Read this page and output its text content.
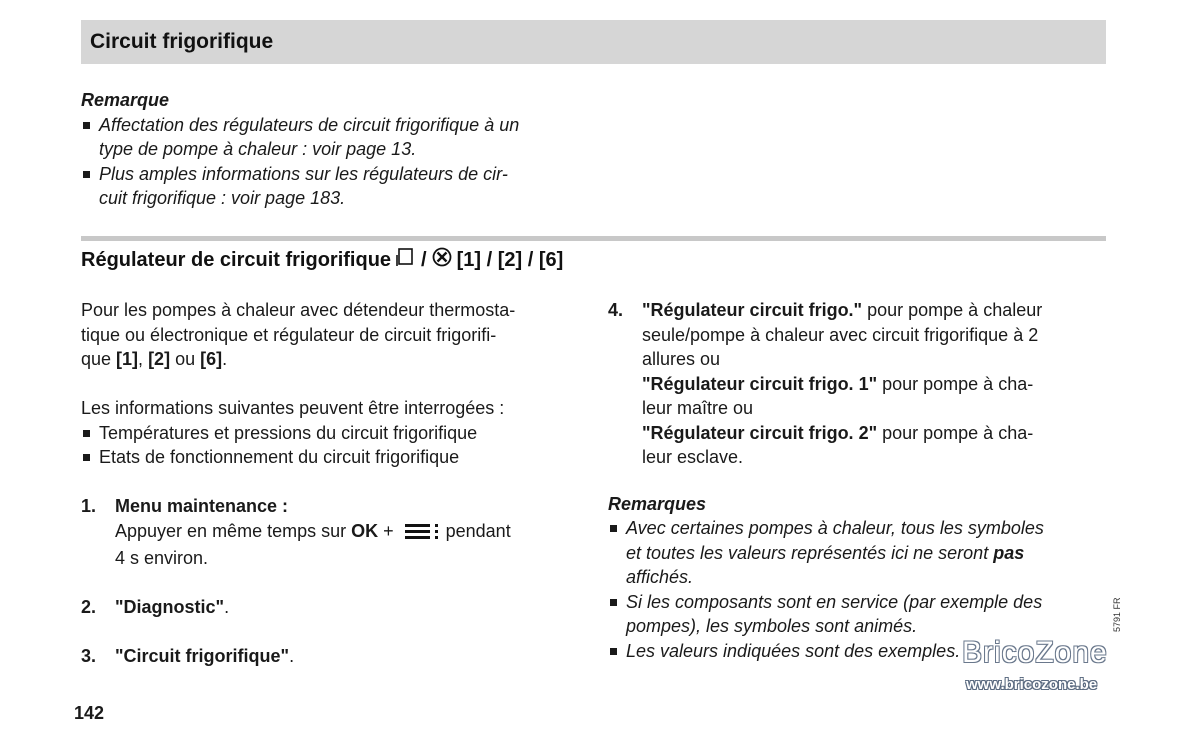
Circuit frigorifique
Remarque
Affectation des régulateurs de circuit frigorifique à un
type de pompe à chaleur : voir page 13.
Plus amples informations sur les régulateurs de cir-
cuit frigorifique : voir page 183.
Régulateur de circuit frigorifique / [1] / [2] / [6]

Pour les pompes à chaleur avec détendeur thermosta-
tique ou électronique et régulateur de circuit frigorifi-
que [1], [2] ou [6].

Les informations suivantes peuvent être interrogées :

Températures et pressions du circuit frigorifique
Etats de fonctionnement du circuit frigorifique
1. Menu maintenance :
Appuyer en même temps sur OK +  pendant
4 s environ.
2. "Diagnostic".
3. "Circuit frigorifique".
4. "Régulateur circuit frigo." pour pompe à chaleur
seule/pompe à chaleur avec circuit frigorifique à 2
allures ou
"Régulateur circuit frigo. 1" pour pompe à cha-
leur maître ou
"Régulateur circuit frigo. 2" pour pompe à cha-
leur esclave.
Remarques
Avec certaines pompes à chaleur, tous les symboles
et toutes les valeurs représentés ici ne seront pas
affichés.
Si les composants sont en service (par exemple des
pompes), les symboles sont animés.
Les valeurs indiquées sont des exemples.
142
5791 FR
BricoZone
www.bricozone.be
